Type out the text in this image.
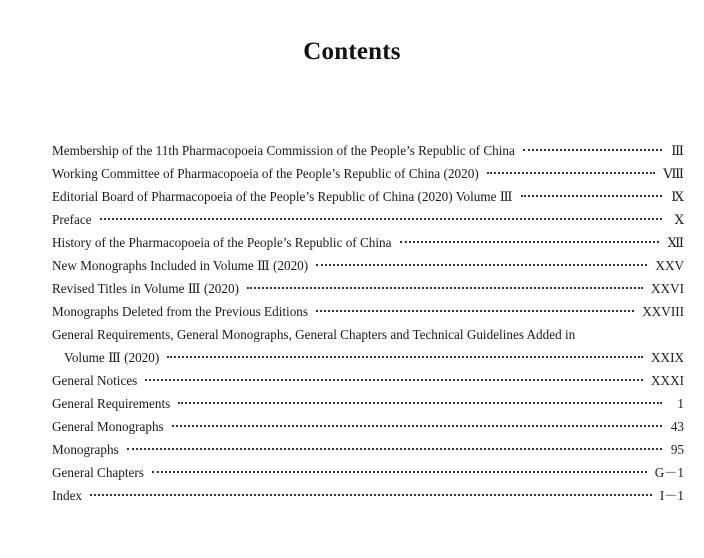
Contents
Membership of the 11th Pharmacopoeia Commission of the People’s Republic of China	Ⅲ
Working Committee of Pharmacopoeia of the People’s Republic of China (2020)	Ⅷ
Editorial Board of Pharmacopoeia of the People’s Republic of China (2020) Volume Ⅲ	Ⅸ
Preface	Ⅹ
History of the Pharmacopoeia of the People’s Republic of China	Ⅻ
New Monographs Included in Volume Ⅲ (2020)	XXV
Revised Titles in Volume Ⅲ (2020)	XXVI
Monographs Deleted from the Previous Editions	XXVIII
General Requirements, General Monographs, General Chapters and Technical Guidelines Added in
Volume Ⅲ (2020)	XXIX
General Notices	XXXI
General Requirements	1
General Monographs	43
Monographs	95
General Chapters	G－1
Index	I－1
